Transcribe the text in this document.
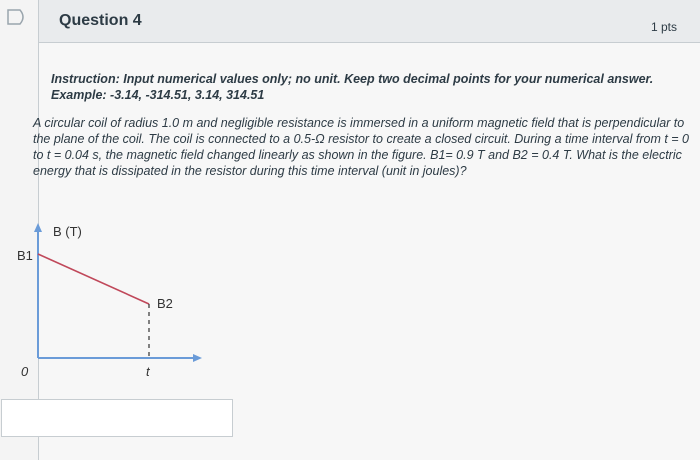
Question 4	1 pts
Instruction: Input numerical values only; no unit. Keep two decimal points for your numerical answer. Example: -3.14, -314.51, 3.14, 314.51
A circular coil of radius 1.0 m and negligible resistance is immersed in a uniform magnetic field that is perpendicular to the plane of the coil. The coil is connected to a 0.5-Ω resistor to create a closed circuit. During a time interval from t = 0 to t = 0.04 s, the magnetic field changed linearly as shown in the figure. B1= 0.9 T and B2 = 0.4 T. What is the electric energy that is dissipated in the resistor during this time interval (unit in joules)?
B (T)
B1
B2
0	t
